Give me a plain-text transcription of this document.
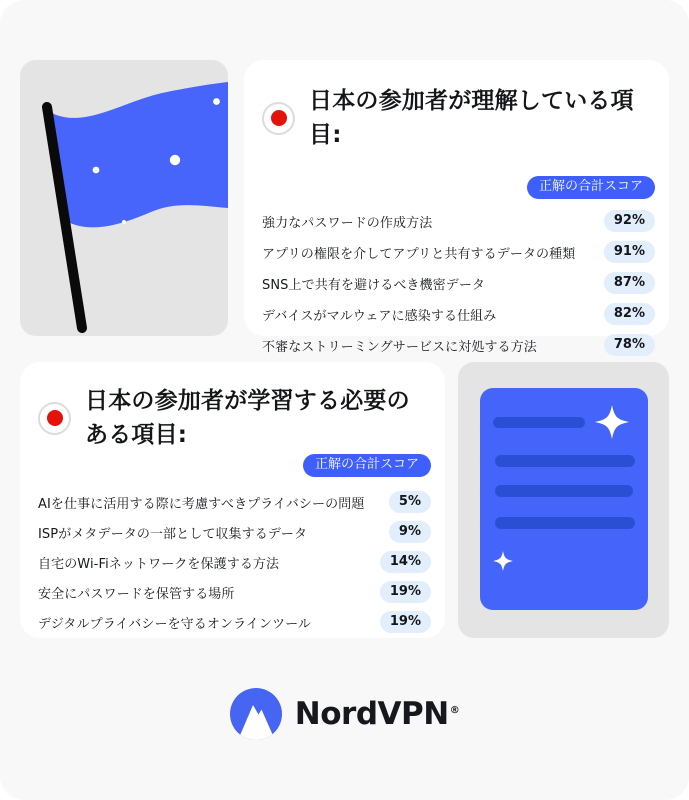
日本の参加者が理解している項目:
正解の合計スコア
強力なパスワードの作成方法	92%
アプリの権限を介してアプリと共有するデータの種類	91%
SNS上で共有を避けるべき機密データ	87%
デバイスがマルウェアに感染する仕組み	82%
不審なストリーミングサービスに対処する方法	78%
日本の参加者が学習する必要のある項目:
正解の合計スコア
AIを仕事に活用する際に考慮すべきプライバシーの問題	5%
ISPがメタデータの一部として収集するデータ	9%
自宅のWi-Fiネットワークを保護する方法	14%
安全にパスワードを保管する場所	19%
デジタルプライバシーを守るオンラインツール	19%
NordVPN®
